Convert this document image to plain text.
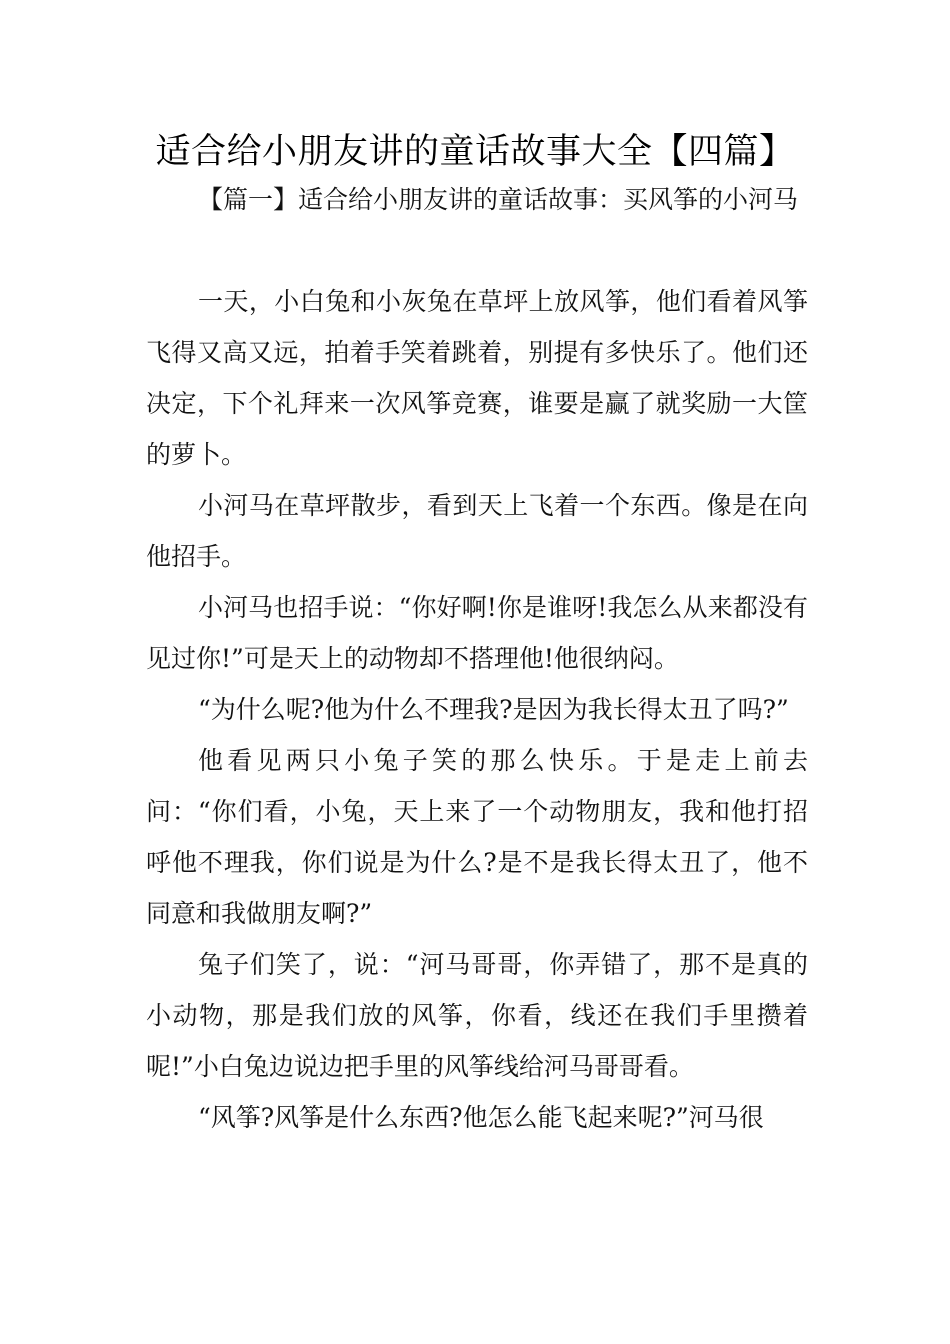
适合给小朋友讲的童话故事大全【四篇】

【篇一】适合给小朋友讲的童话故事：买风筝的小河马

一天，小白兔和小灰兔在草坪上放风筝，他们看着风筝飞得又高又远，拍着手笑着跳着，别提有多快乐了。他们还决定，下个礼拜来一次风筝竞赛，谁要是赢了就奖励一大筐的萝卜。

小河马在草坪散步，看到天上飞着一个东西。像是在向他招手。

小河马也招手说：“你好啊!你是谁呀!我怎么从来都没有见过你!”可是天上的动物却不搭理他!他很纳闷。

“为什么呢?他为什么不理我?是因为我长得太丑了吗?”

他看见两只小兔子笑的那么快乐。于是走上前去问：“你们看，小兔，天上来了一个动物朋友，我和他打招呼他不理我，你们说是为什么?是不是我长得太丑了，他不同意和我做朋友啊?”

兔子们笑了，说：“河马哥哥，你弄错了，那不是真的小动物，那是我们放的风筝，你看，线还在我们手里攒着呢!”小白兔边说边把手里的风筝线给河马哥哥看。

“风筝?风筝是什么东西?他怎么能飞起来呢?”河马很
